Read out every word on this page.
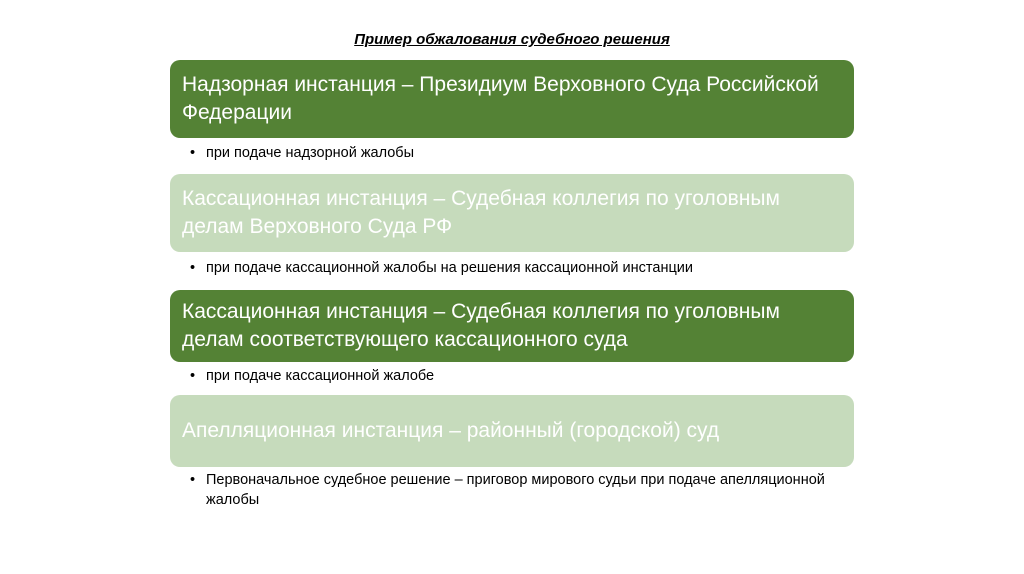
Пример обжалования судебного решения
Надзорная инстанция – Президиум Верховного Суда Российской Федерации
• при подаче надзорной жалобы
Кассационная инстанция – Судебная коллегия по уголовным делам Верховного Суда РФ
• при подаче кассационной жалобы на решения кассационной инстанции
Кассационная инстанция – Судебная коллегия по уголовным делам соответствующего кассационного суда
• при подаче кассационной жалобе
Апелляционная инстанция – районный (городской) суд
• Первоначальное судебное решение – приговор мирового судьи при подаче апелляционной жалобы
